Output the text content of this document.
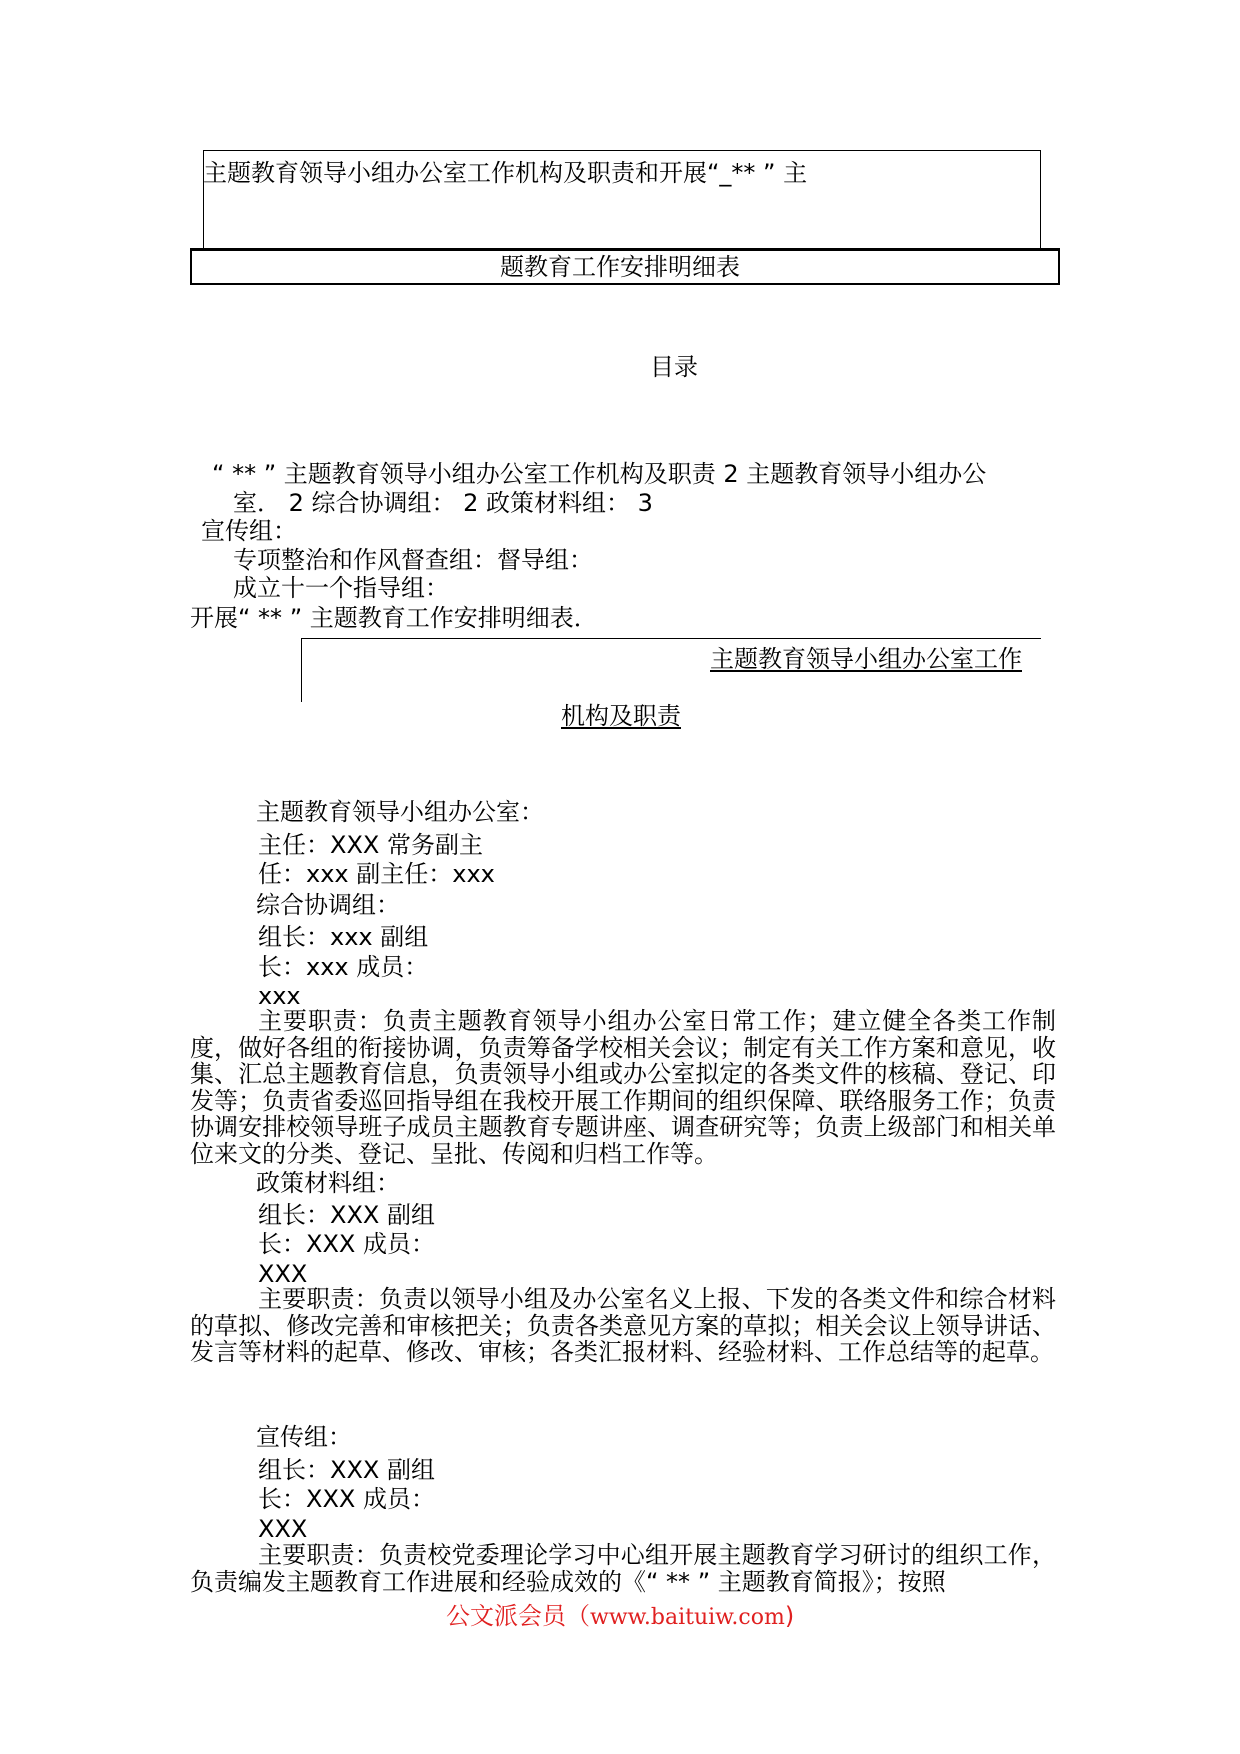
主题教育领导小组办公室工作机构及职责和开展“_** ” 主
题教育工作安排明细表
目录
“ ** ” 主题教育领导小组办公室工作机构及职责 2 主题教育领导小组办公
室． 2 综合协调组： 2 政策材料组： 3
宣传组：
专项整治和作风督查组：督导组：
成立十一个指导组：
开展“ ** ” 主题教育工作安排明细表．
主题教育领导小组办公室工作
机构及职责
主题教育领导小组办公室：
主任：XXX 常务副主
任：xxx 副主任：xxx
综合协调组：
组长：xxx 副组
长：xxx 成员：
xxx
主要职责：负责主题教育领导小组办公室日常工作；建立健全各类工作制度，做好各组的衔接协调，负责筹备学校相关会议；制定有关工作方案和意见，收集、汇总主题教育信息，负责领导小组或办公室拟定的各类文件的核稿、登记、印发等；负责省委巡回指导组在我校开展工作期间的组织保障、联络服务工作；负责协调安排校领导班子成员主题教育专题讲座、调查研究等；负责上级部门和相关单位来文的分类、登记、呈批、传阅和归档工作等。
政策材料组：
组长：XXX 副组
长：XXX 成员：
XXX
主要职责：负责以领导小组及办公室名义上报、下发的各类文件和综合材料的草拟、修改完善和审核把关；负责各类意见方案的草拟；相关会议上领导讲话、发言等材料的起草、修改、审核；各类汇报材料、经验材料、工作总结等的起草。
宣传组：
组长：XXX 副组
长：XXX 成员：
XXX
主要职责：负责校党委理论学习中心组开展主题教育学习研讨的组织工作，负责编发主题教育工作进展和经验成效的《“ ** ” 主题教育简报》；按照
公文派会员（www.baituiw.com)
